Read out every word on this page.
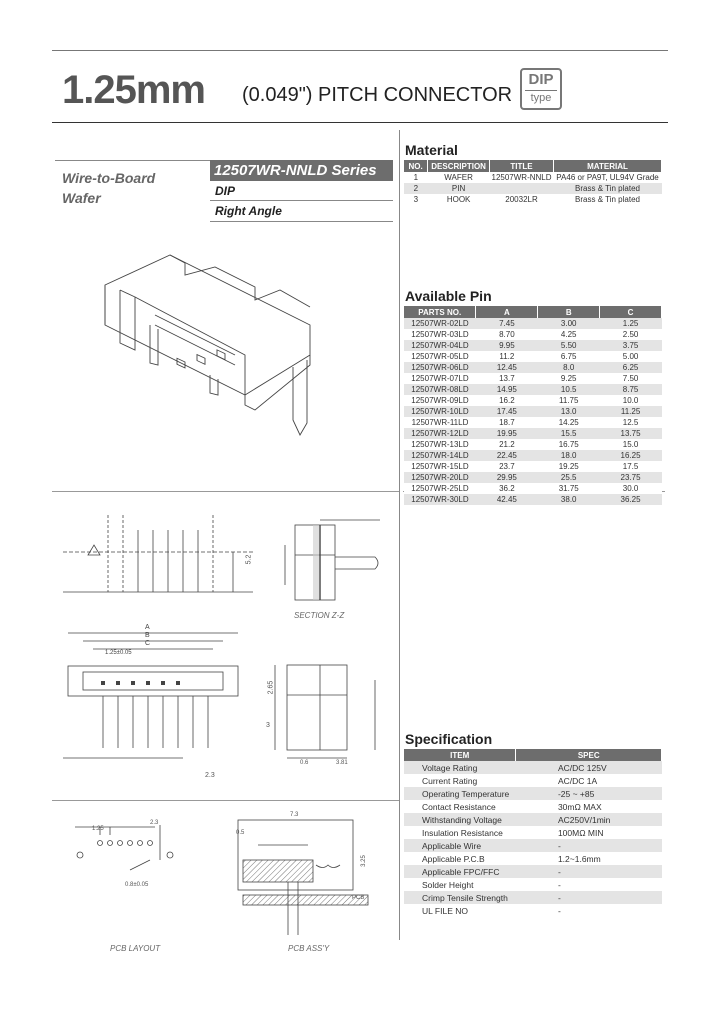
1.25mm (0.049") PITCH CONNECTOR
DIP
type
Wire-to-Board
Wafer
12507WR-NNLD Series
DIP
Right Angle
5.2
SECTION Z-Z
A
B
C
1.25±0.05
2.3
2.65
3
0.6	3.81
1.25
2.3
0.8±0.05
PCB LAYOUT
7.3
3.25
PCB
0.5
PCB ASS'Y
Material
NO.	DESCRIPTION	TITLE	MATERIAL
1	WAFER	12507WR-NNLD	PA46 or PA9T, UL94V Grade
2	PIN		Brass & Tin plated
3	HOOK	20032LR	Brass & Tin plated
Available Pin
PARTS NO.	A	B	C
12507WR-02LD	7.45	3.00	1.25
12507WR-03LD	8.70	4.25	2.50
12507WR-04LD	9.95	5.50	3.75
12507WR-05LD	11.2	6.75	5.00
12507WR-06LD	12.45	8.0	6.25
12507WR-07LD	13.7	9.25	7.50
12507WR-08LD	14.95	10.5	8.75
12507WR-09LD	16.2	11.75	10.0
12507WR-10LD	17.45	13.0	11.25
12507WR-11LD	18.7	14.25	12.5
12507WR-12LD	19.95	15.5	13.75
12507WR-13LD	21.2	16.75	15.0
12507WR-14LD	22.45	18.0	16.25
12507WR-15LD	23.7	19.25	17.5
12507WR-20LD	29.95	25.5	23.75
12507WR-25LD	36.2	31.75	30.0
12507WR-30LD	42.45	38.0	36.25
Specification
ITEM	SPEC
Voltage Rating	AC/DC 125V
Current Rating	AC/DC 1A
Operating Temperature	-25 ~ +85
Contact Resistance	30mΩ MAX
Withstanding Voltage	AC250V/1min
Insulation Resistance	100MΩ MIN
Applicable Wire	-
Applicable P.C.B	1.2~1.6mm
Applicable FPC/FFC	-
Solder Height	-
Crimp Tensile Strength	-
UL FILE NO	-
